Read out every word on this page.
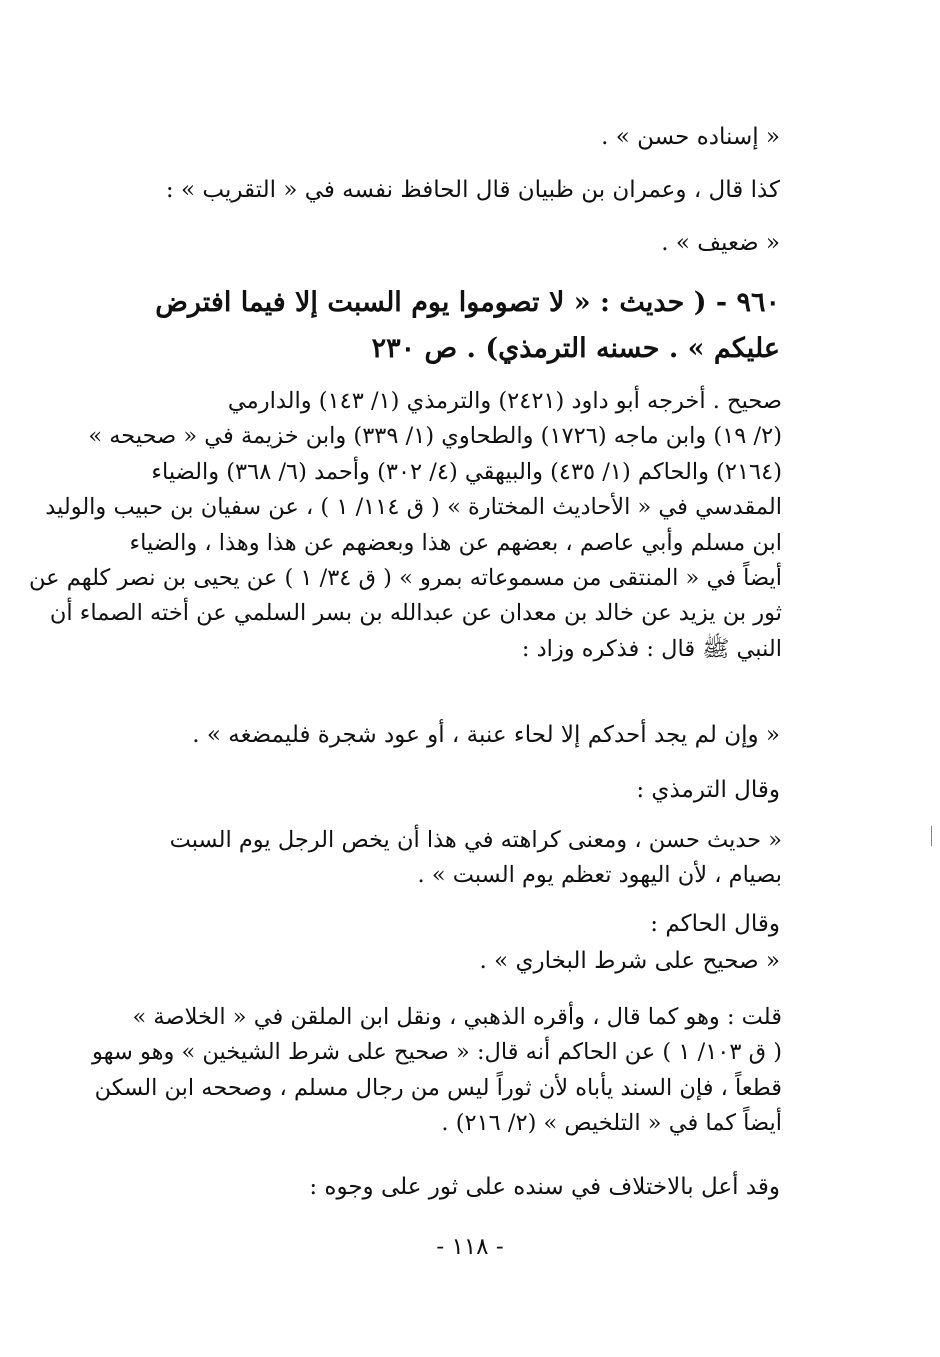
« إسناده حسن » .
كذا قال ، وعمران بن ظبيان قال الحافظ نفسه في « التقريب » :
« ضعيف » .
٩٦٠ - ( حديث : « لا تصوموا يوم السبت إلا فيما افترض
عليكم » . حسنه الترمذي) . ص ٢٣٠
صحيح . أخرجه أبو داود (٢٤٢١) والترمذي (١/ ١٤٣) والدارمي
(٢/ ١٩) وابن ماجه (١٧٢٦) والطحاوي (١/ ٣٣٩) وابن خزيمة في « صحيحه »
(٢١٦٤) والحاكم (١/ ٤٣٥) والبيهقي (٤/ ٣٠٢) وأحمد (٦/ ٣٦٨) والضياء
المقدسي في « الأحاديث المختارة » ( ق ١١٤/ ١ ) ، عن سفيان بن حبيب والوليد
ابن مسلم وأبي عاصم ، بعضهم عن هذا وبعضهم عن هذا وهذا ، والضياء
أيضاً في « المنتقى من مسموعاته بمرو » ( ق ٣٤/ ١ ) عن يحيى بن نصر كلهم عن
ثور بن يزيد عن خالد بن معدان عن عبدالله بن بسر السلمي عن أخته الصماء أن
النبي ﷺ قال : فذكره وزاد :
« وإن لم يجد أحدكم إلا لحاء عنبة ، أو عود شجرة فليمضغه » .
وقال الترمذي :
« حديث حسن ، ومعنى كراهته في هذا أن يخص الرجل يوم السبت
بصيام ، لأن اليهود تعظم يوم السبت » .
وقال الحاكم :
« صحيح على شرط البخاري » .
قلت : وهو كما قال ، وأقره الذهبي ، ونقل ابن الملقن في « الخلاصة »
( ق ١٠٣/ ١ ) عن الحاكم أنه قال: « صحيح على شرط الشيخين » وهو سهو
قطعاً ، فإن السند يأباه لأن ثوراً ليس من رجال مسلم ، وصححه ابن السكن
أيضاً كما في « التلخيص » (٢/ ٢١٦) .
وقد أعل بالاختلاف في سنده على ثور على وجوه :
- ١١٨ -
